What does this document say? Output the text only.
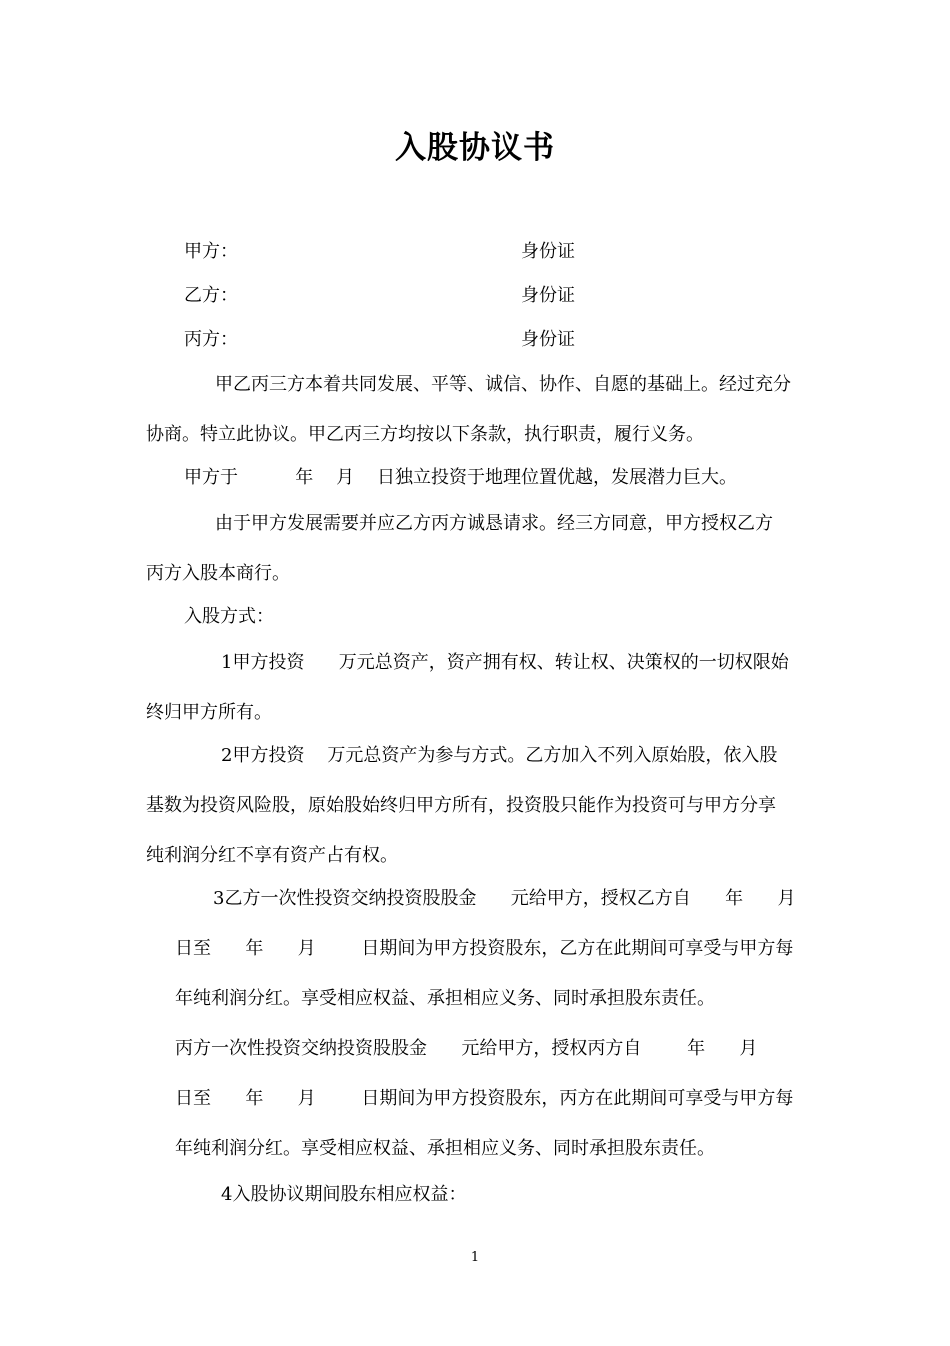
入股协议书
甲方：	身份证
乙方：	身份证
丙方：	身份证
甲乙丙三方本着共同发展、平等、诚信、协作、自愿的基础上。经过充分
协商。特立此协议。甲乙丙三方均按以下条款，执行职责，履行义务。
甲方于          年    月    日独立投资于地理位置优越，发展潜力巨大。
由于甲方发展需要并应乙方丙方诚恳请求。经三方同意，甲方授权乙方
丙方入股本商行。
入股方式：
1甲方投资      万元总资产，资产拥有权、转让权、决策权的一切权限始
终归甲方所有。
2甲方投资    万元总资产为参与方式。乙方加入不列入原始股，依入股
基数为投资风险股，原始股始终归甲方所有，投资股只能作为投资可与甲方分享
纯利润分红不享有资产占有权。
3乙方一次性投资交纳投资股股金      元给甲方，授权乙方自      年      月
日至      年      月        日期间为甲方投资股东，乙方在此期间可享受与甲方每
年纯利润分红。享受相应权益、承担相应义务、同时承担股东责任。
丙方一次性投资交纳投资股股金      元给甲方，授权丙方自        年      月
日至      年      月        日期间为甲方投资股东，丙方在此期间可享受与甲方每
年纯利润分红。享受相应权益、承担相应义务、同时承担股东责任。
4入股协议期间股东相应权益：
1
